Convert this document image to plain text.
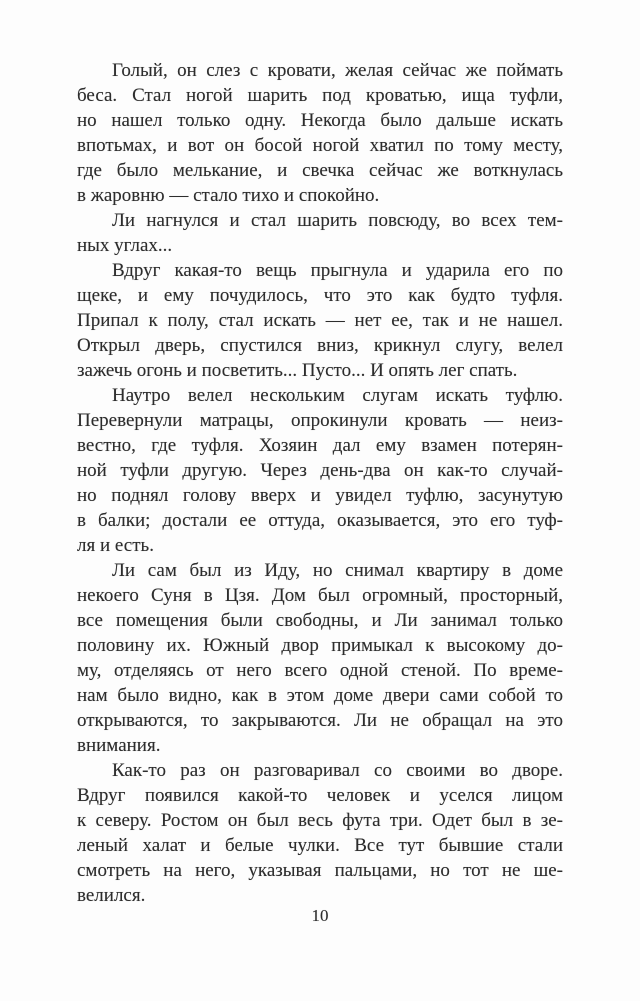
Голый, он слез с кровати, желая сейчас же поймать
беса. Стал ногой шарить под кроватью, ища туфли,
но нашел только одну. Некогда было дальше искать
впотьмах, и вот он босой ногой хватил по тому месту,
где было мелькание, и свечка сейчас же воткнулась
в жаровню — стало тихо и спокойно.
Ли нагнулся и стал шарить повсюду, во всех тем-
ных углах...
Вдруг какая-то вещь прыгнула и ударила его по
щеке, и ему почудилось, что это как будто туфля.
Припал к полу, стал искать — нет ее, так и не нашел.
Открыл дверь, спустился вниз, крикнул слугу, велел
зажечь огонь и посветить... Пусто... И опять лег спать.
Наутро велел нескольким слугам искать туфлю.
Перевернули матрацы, опрокинули кровать — неиз-
вестно, где туфля. Хозяин дал ему взамен потерян-
ной туфли другую. Через день-два он как-то случай-
но поднял голову вверх и увидел туфлю, засунутую
в балки; достали ее оттуда, оказывается, это его туф-
ля и есть.
Ли сам был из Иду, но снимал квартиру в доме
некоего Суня в Цзя. Дом был огромный, просторный,
все помещения были свободны, и Ли занимал только
половину их. Южный двор примыкал к высокому до-
му, отделяясь от него всего одной стеной. По време-
нам было видно, как в этом доме двери сами собой то
открываются, то закрываются. Ли не обращал на это
внимания.
Как-то раз он разговаривал со своими во дворе.
Вдруг появился какой-то человек и уселся лицом
к северу. Ростом он был весь фута три. Одет был в зе-
леный халат и белые чулки. Все тут бывшие стали
смотреть на него, указывая пальцами, но тот не ше-
велился.
10
